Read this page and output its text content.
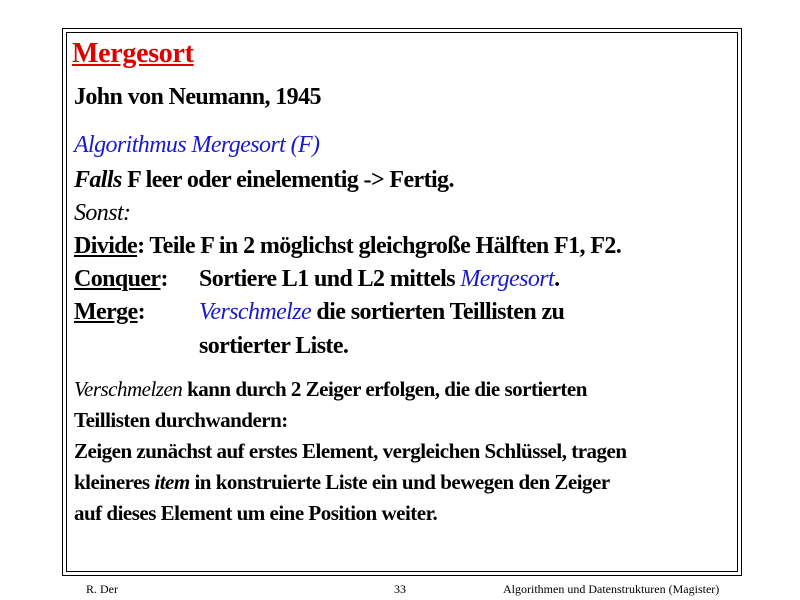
Mergesort
John von Neumann, 1945
Algorithmus Mergesort (F)
Falls F leer oder einelementig -> Fertig.
Sonst:
Divide: Teile F in 2 möglichst gleichgroße Hälften F1, F2.
Conquer: Sortiere L1 und L2 mittels Mergesort.
Merge: Verschmelze die sortierten Teillisten zu
sortierter Liste.
Verschmelzen kann durch 2 Zeiger erfolgen, die die sortierten
Teillisten durchwandern:
Zeigen zunächst auf erstes Element, vergleichen Schlüssel, tragen
kleineres item in konstruierte Liste ein und bewegen den Zeiger
auf dieses Element um eine Position weiter.
R. Der	33	Algorithmen und Datenstrukturen (Magister)
